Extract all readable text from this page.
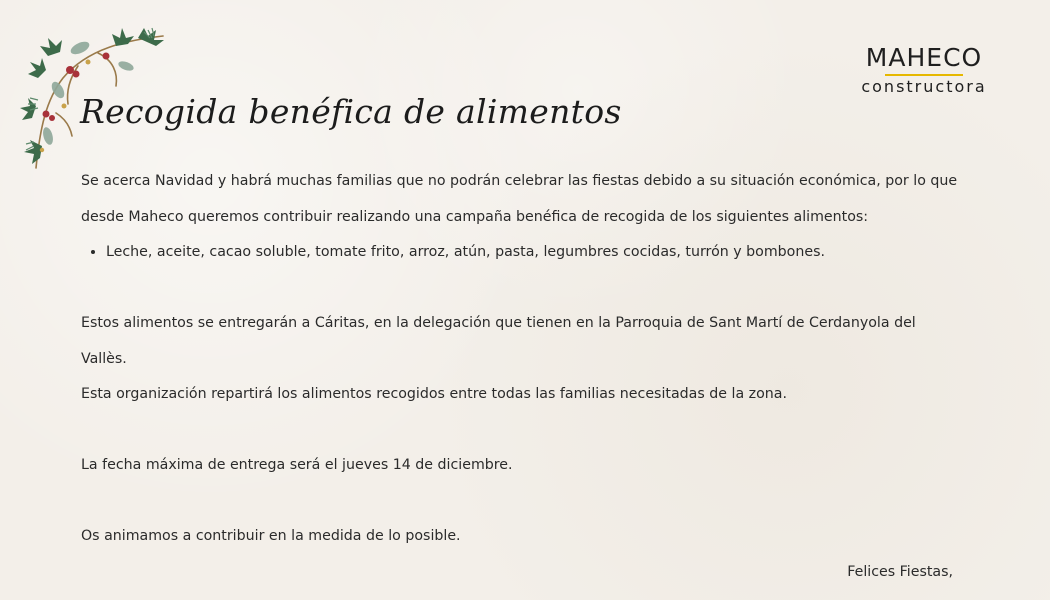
MAHECO
constructora
Recogida benéfica de alimentos

Se acerca Navidad y habrá muchas familias que no podrán celebrar las fiestas debido a su situación económica, por lo que

desde Maheco queremos contribuir realizando una campaña benéfica de recogida de los siguientes alimentos:

• Leche, aceite, cacao soluble, tomate frito, arroz, atún, pasta, legumbres cocidas, turrón y bombones.

Estos alimentos se entregarán a Cáritas, en la delegación que tienen en la Parroquia de Sant Martí de Cerdanyola del Vallès.

Esta organización repartirá los alimentos recogidos entre todas las familias necesitadas de la zona.

La fecha máxima de entrega será el jueves 14 de diciembre.

Os animamos a contribuir en la medida de lo posible.

Felices Fiestas,
